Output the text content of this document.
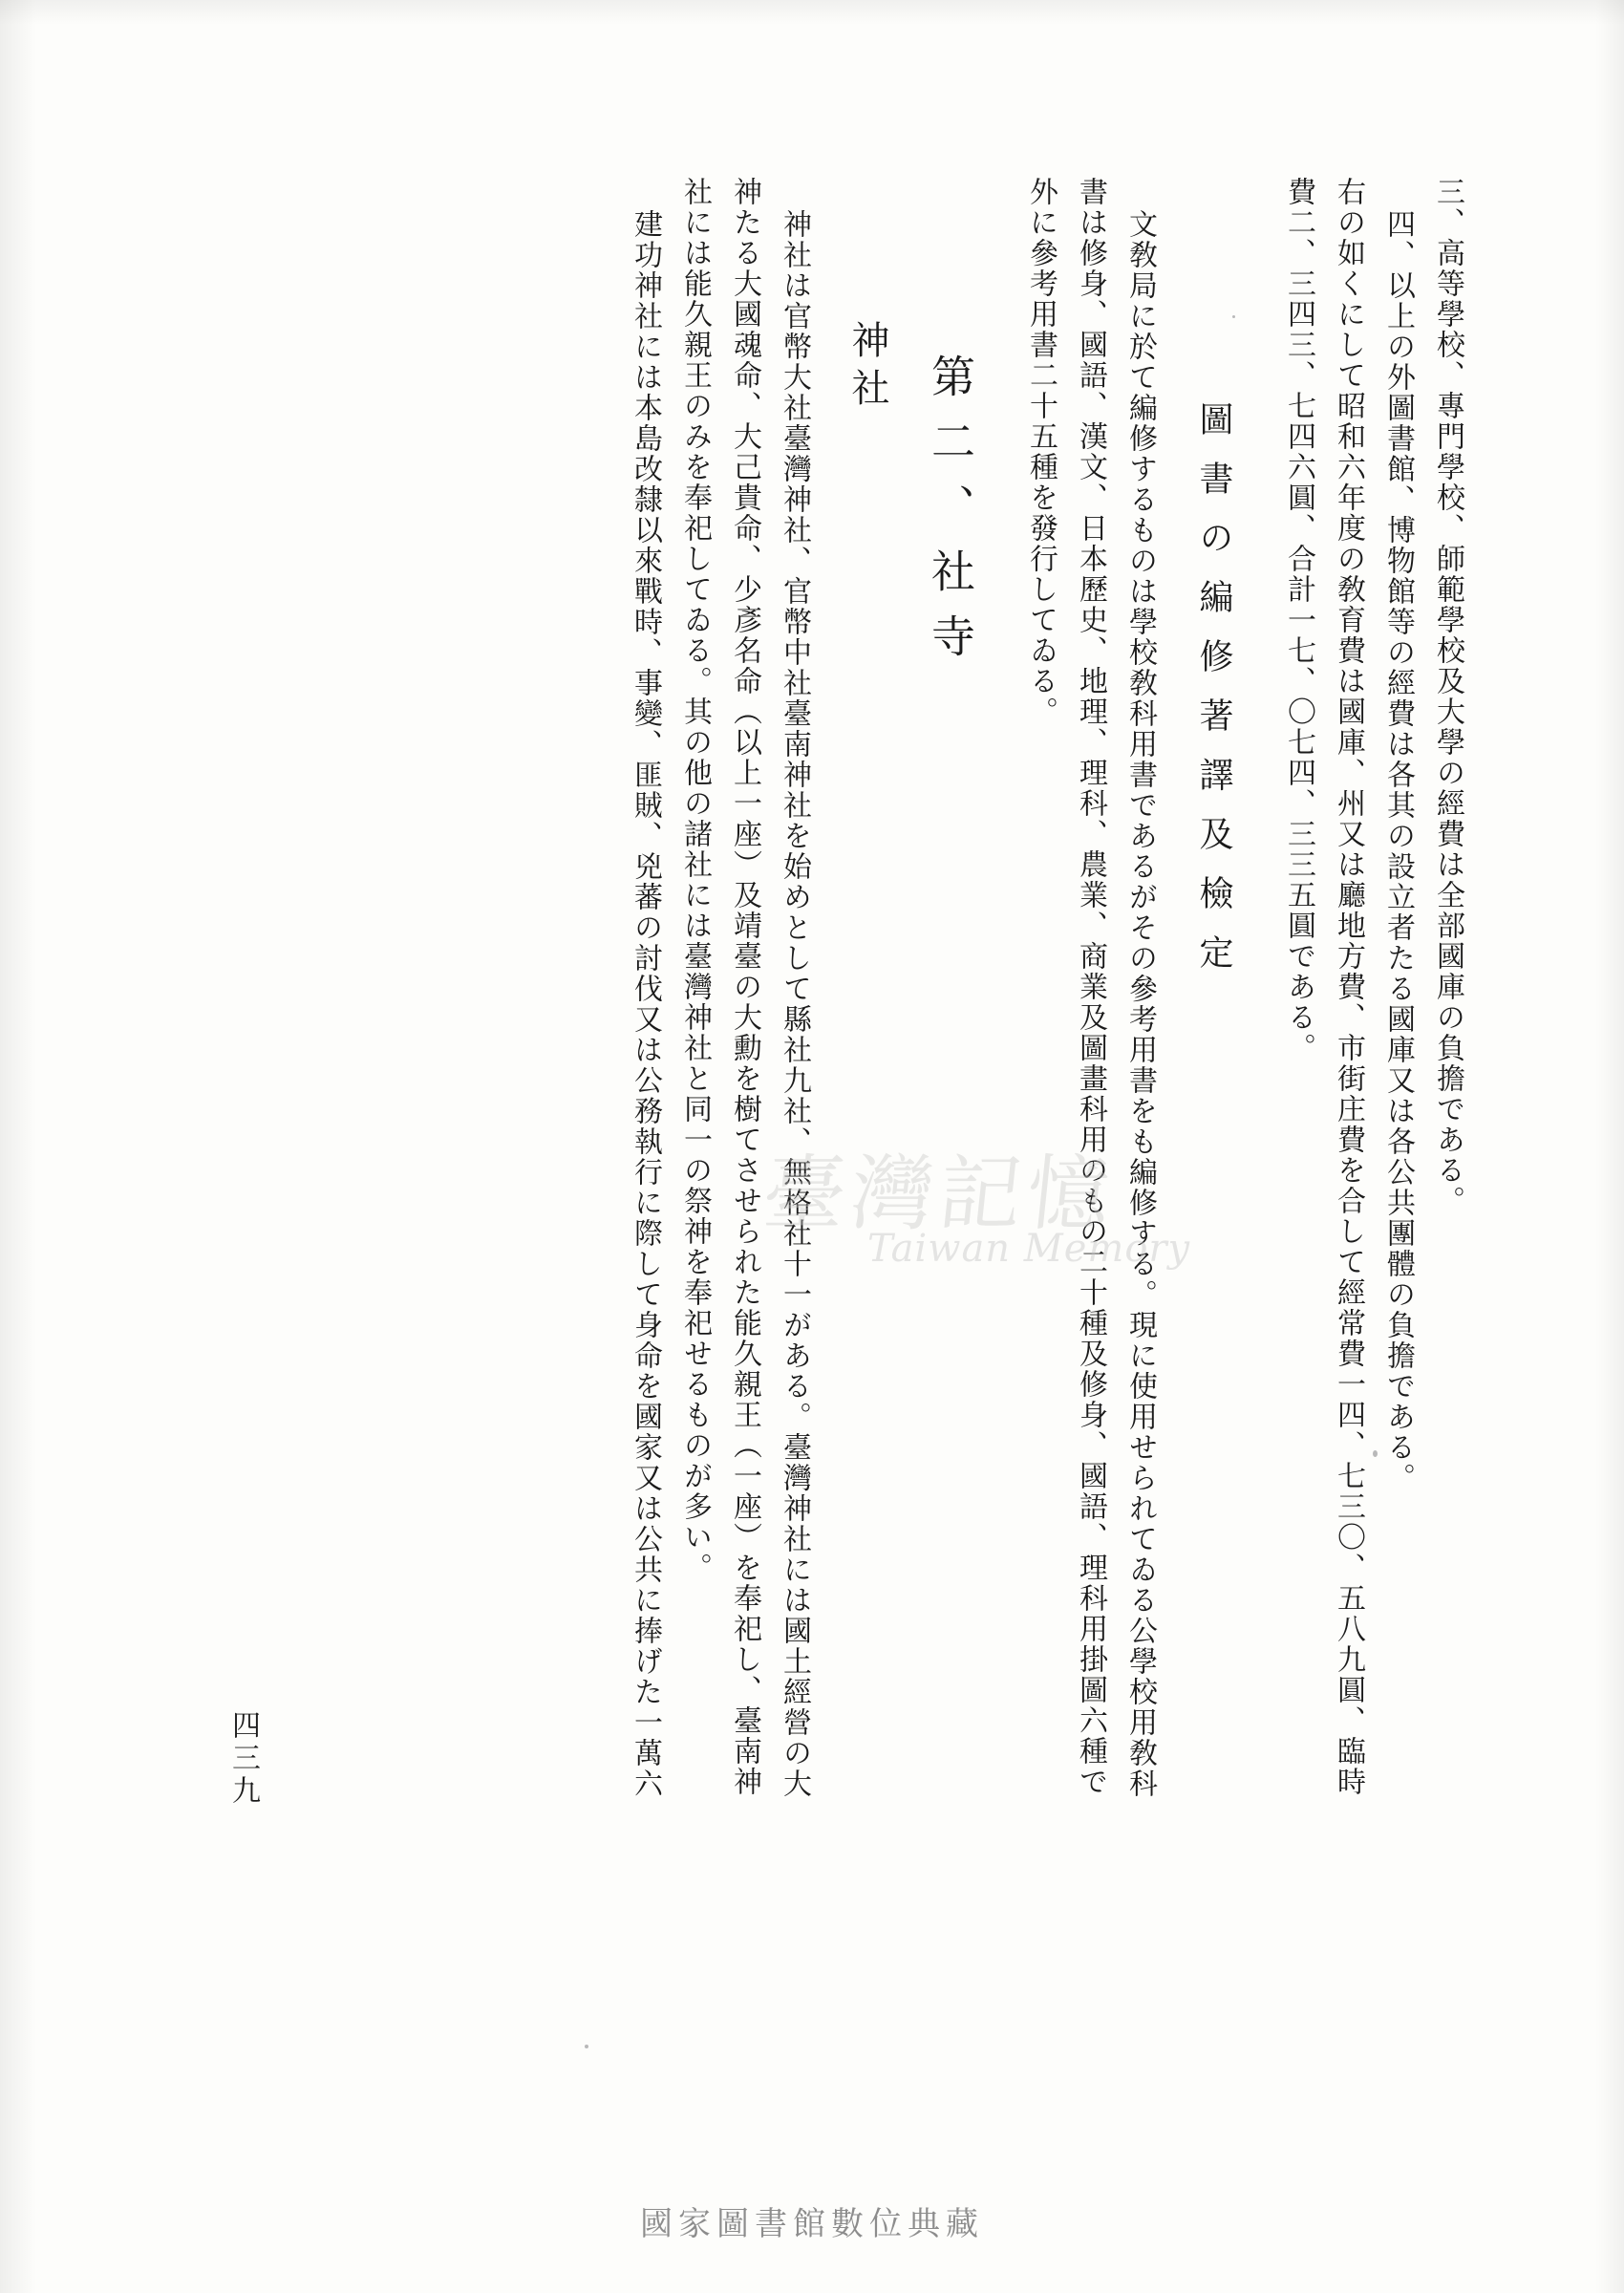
三、高等學校、專門學校、師範學校及大學の經費は全部國庫の負擔である。
四、以上の外圖書館、博物館等の經費は各其の設立者たる國庫又は各公共團體の負擔である。
右の如くにして昭和六年度の敎育費は國庫、州又は廳地方費、市街庄費を合して經常費一四、七三〇、五八九圓、臨時
費二、三四三、七四六圓、合計一七、〇七四、三三五圓である。
圖書の編修著譯及檢定
文敎局に於て編修するものは學校敎科用書であるがその參考用書をも編修する。現に使用せられてゐる公學校用敎科
書は修身、國語、漢文、日本歷史、地理、理科、農業、商業及圖畫科用のもの二十種及修身、國語、理科用掛圖六種で
外に參考用書二十五種を發行してゐる。
第二、社寺
神社
神社は官幣大社臺灣神社、官幣中社臺南神社を始めとして縣社九社、無格社十一がある。臺灣神社には國土經營の大
神たる大國魂命、大己貴命、少彥名命（以上一座）及靖臺の大勳を樹てさせられた能久親王（一座）を奉祀し、臺南神
社には能久親王のみを奉祀してゐる。其の他の諸社には臺灣神社と同一の祭神を奉祀せるものが多い。
建功神社には本島改隸以來戰時、事變、匪賊、兇蕃の討伐又は公務執行に際して身命を國家又は公共に捧げた一萬六
四三九
臺灣記憶
Taiwan Memory
國家圖書館數位典藏
